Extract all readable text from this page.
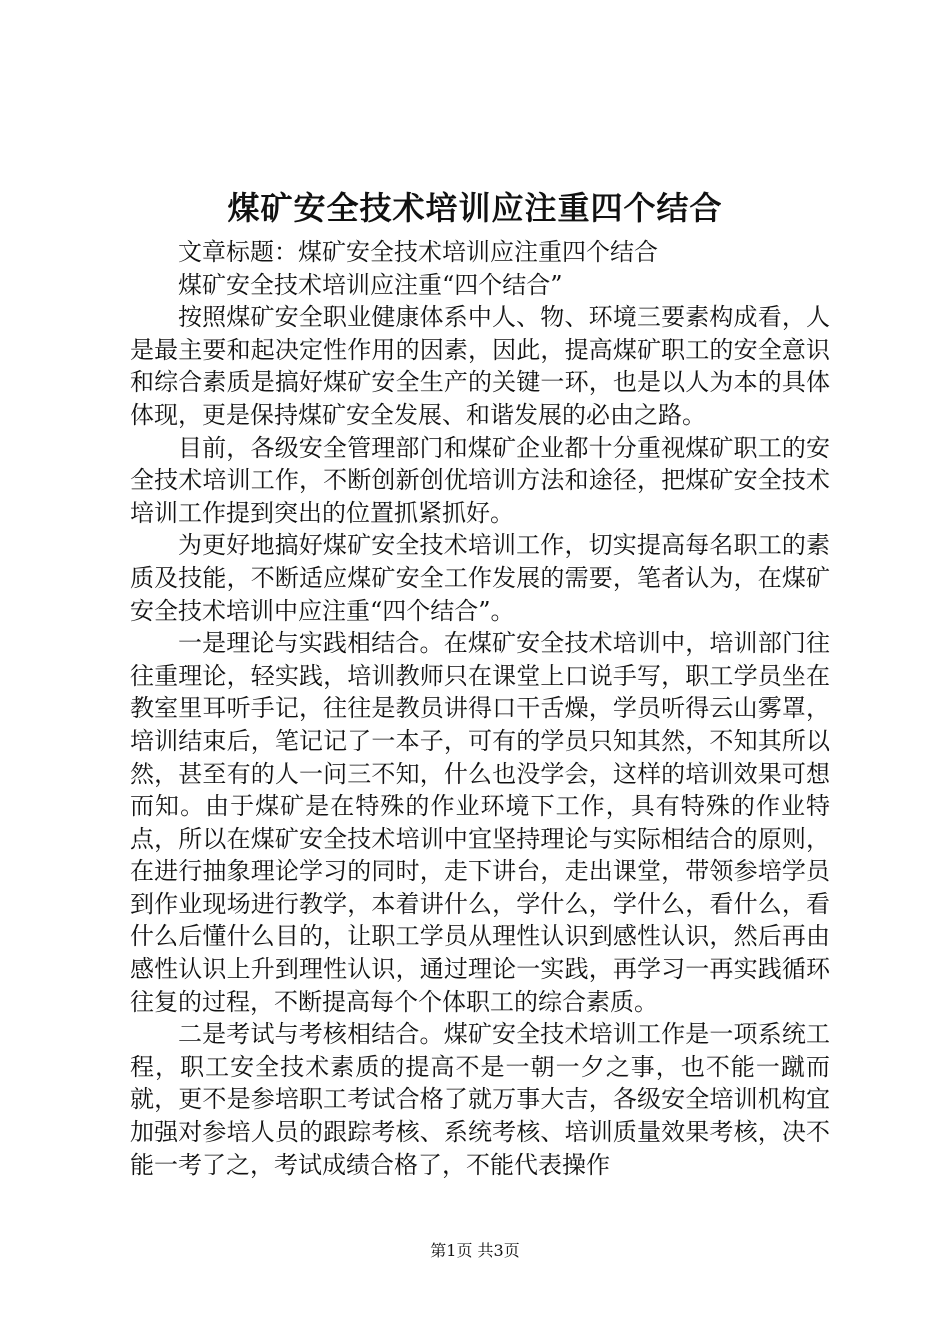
煤矿安全技术培训应注重四个结合

文章标题：煤矿安全技术培训应注重四个结合

煤矿安全技术培训应注重“四个结合”

按照煤矿安全职业健康体系中人、物、环境三要素构成看，人是最主要和起决定性作用的因素，因此，提高煤矿职工的安全意识和综合素质是搞好煤矿安全生产的关键一环，也是以人为本的具体体现，更是保持煤矿安全发展、和谐发展的必由之路。

目前，各级安全管理部门和煤矿企业都十分重视煤矿职工的安全技术培训工作，不断创新创优培训方法和途径，把煤矿安全技术培训工作提到突出的位置抓紧抓好。

为更好地搞好煤矿安全技术培训工作，切实提高每名职工的素质及技能，不断适应煤矿安全工作发展的需要，笔者认为，在煤矿安全技术培训中应注重“四个结合”。

一是理论与实践相结合。在煤矿安全技术培训中，培训部门往往重理论，轻实践，培训教师只在课堂上口说手写，职工学员坐在教室里耳听手记，往往是教员讲得口干舌燥，学员听得云山雾罩，培训结束后，笔记记了一本子，可有的学员只知其然，不知其所以然，甚至有的人一问三不知，什么也没学会，这样的培训效果可想而知。由于煤矿是在特殊的作业环境下工作，具有特殊的作业特点，所以在煤矿安全技术培训中宜坚持理论与实际相结合的原则，在进行抽象理论学习的同时，走下讲台，走出课堂，带领参培学员到作业现场进行教学，本着讲什么，学什么，学什么，看什么，看什么后懂什么目的，让职工学员从理性认识到感性认识，然后再由感性认识上升到理性认识，通过理论一实践，再学习一再实践循环往复的过程，不断提高每个个体职工的综合素质。

二是考试与考核相结合。煤矿安全技术培训工作是一项系统工程，职工安全技术素质的提高不是一朝一夕之事，也不能一蹴而就，更不是参培职工考试合格了就万事大吉，各级安全培训机构宜加强对参培人员的跟踪考核、系统考核、培训质量效果考核，决不能一考了之，考试成绩合格了，不能代表操作

第1页 共3页
